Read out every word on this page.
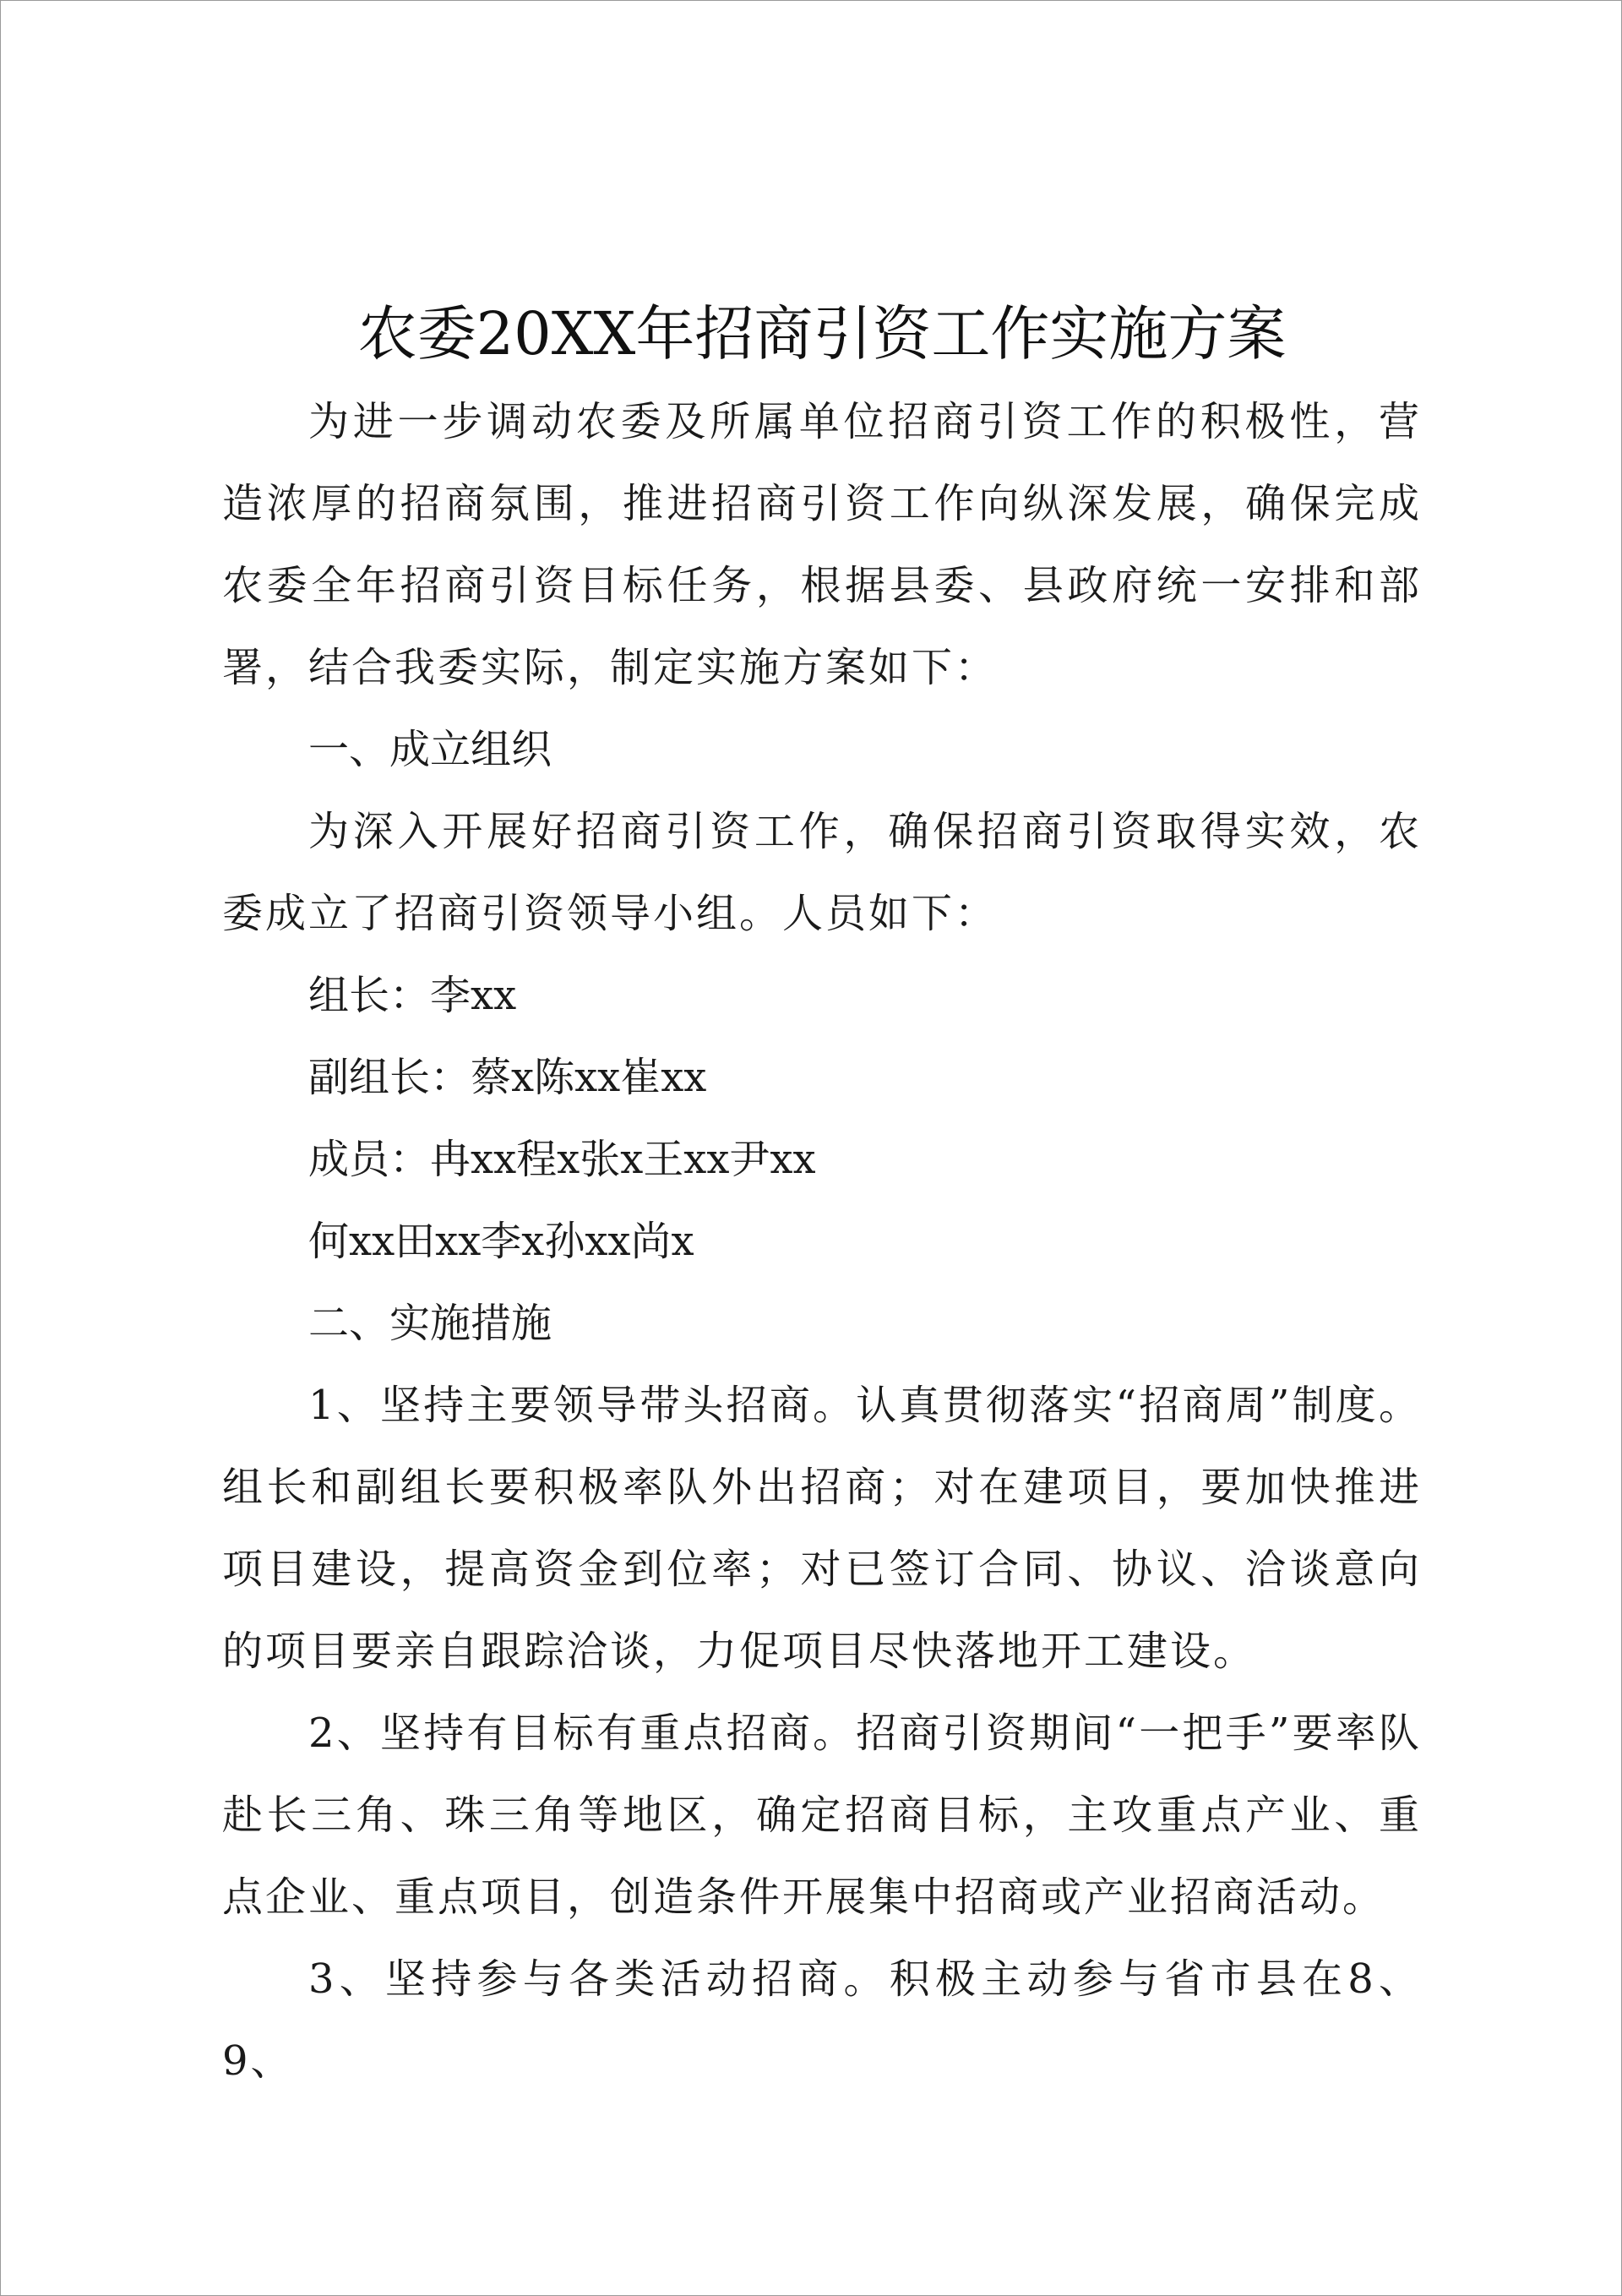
农委20XX年招商引资工作实施方案

为进一步调动农委及所属单位招商引资工作的积极性，营造浓厚的招商氛围，推进招商引资工作向纵深发展，确保完成农委全年招商引资目标任务，根据县委、县政府统一安排和部署，结合我委实际，制定实施方案如下：

一、成立组织

为深入开展好招商引资工作，确保招商引资取得实效，农委成立了招商引资领导小组。人员如下：

组长：李xx

副组长：蔡x陈xx崔xx

成员：冉xx程x张x王xx尹xx

何xx田xx李x孙xx尚x

二、实施措施

1、坚持主要领导带头招商。认真贯彻落实“招商周”制度。组长和副组长要积极率队外出招商；对在建项目，要加快推进项目建设，提高资金到位率；对已签订合同、协议、洽谈意向的项目要亲自跟踪洽谈，力促项目尽快落地开工建设。

2、坚持有目标有重点招商。招商引资期间“一把手”要率队赴长三角、珠三角等地区，确定招商目标，主攻重点产业、重点企业、重点项目，创造条件开展集中招商或产业招商活动。

3、坚持参与各类活动招商。积极主动参与省市县在8、9、
